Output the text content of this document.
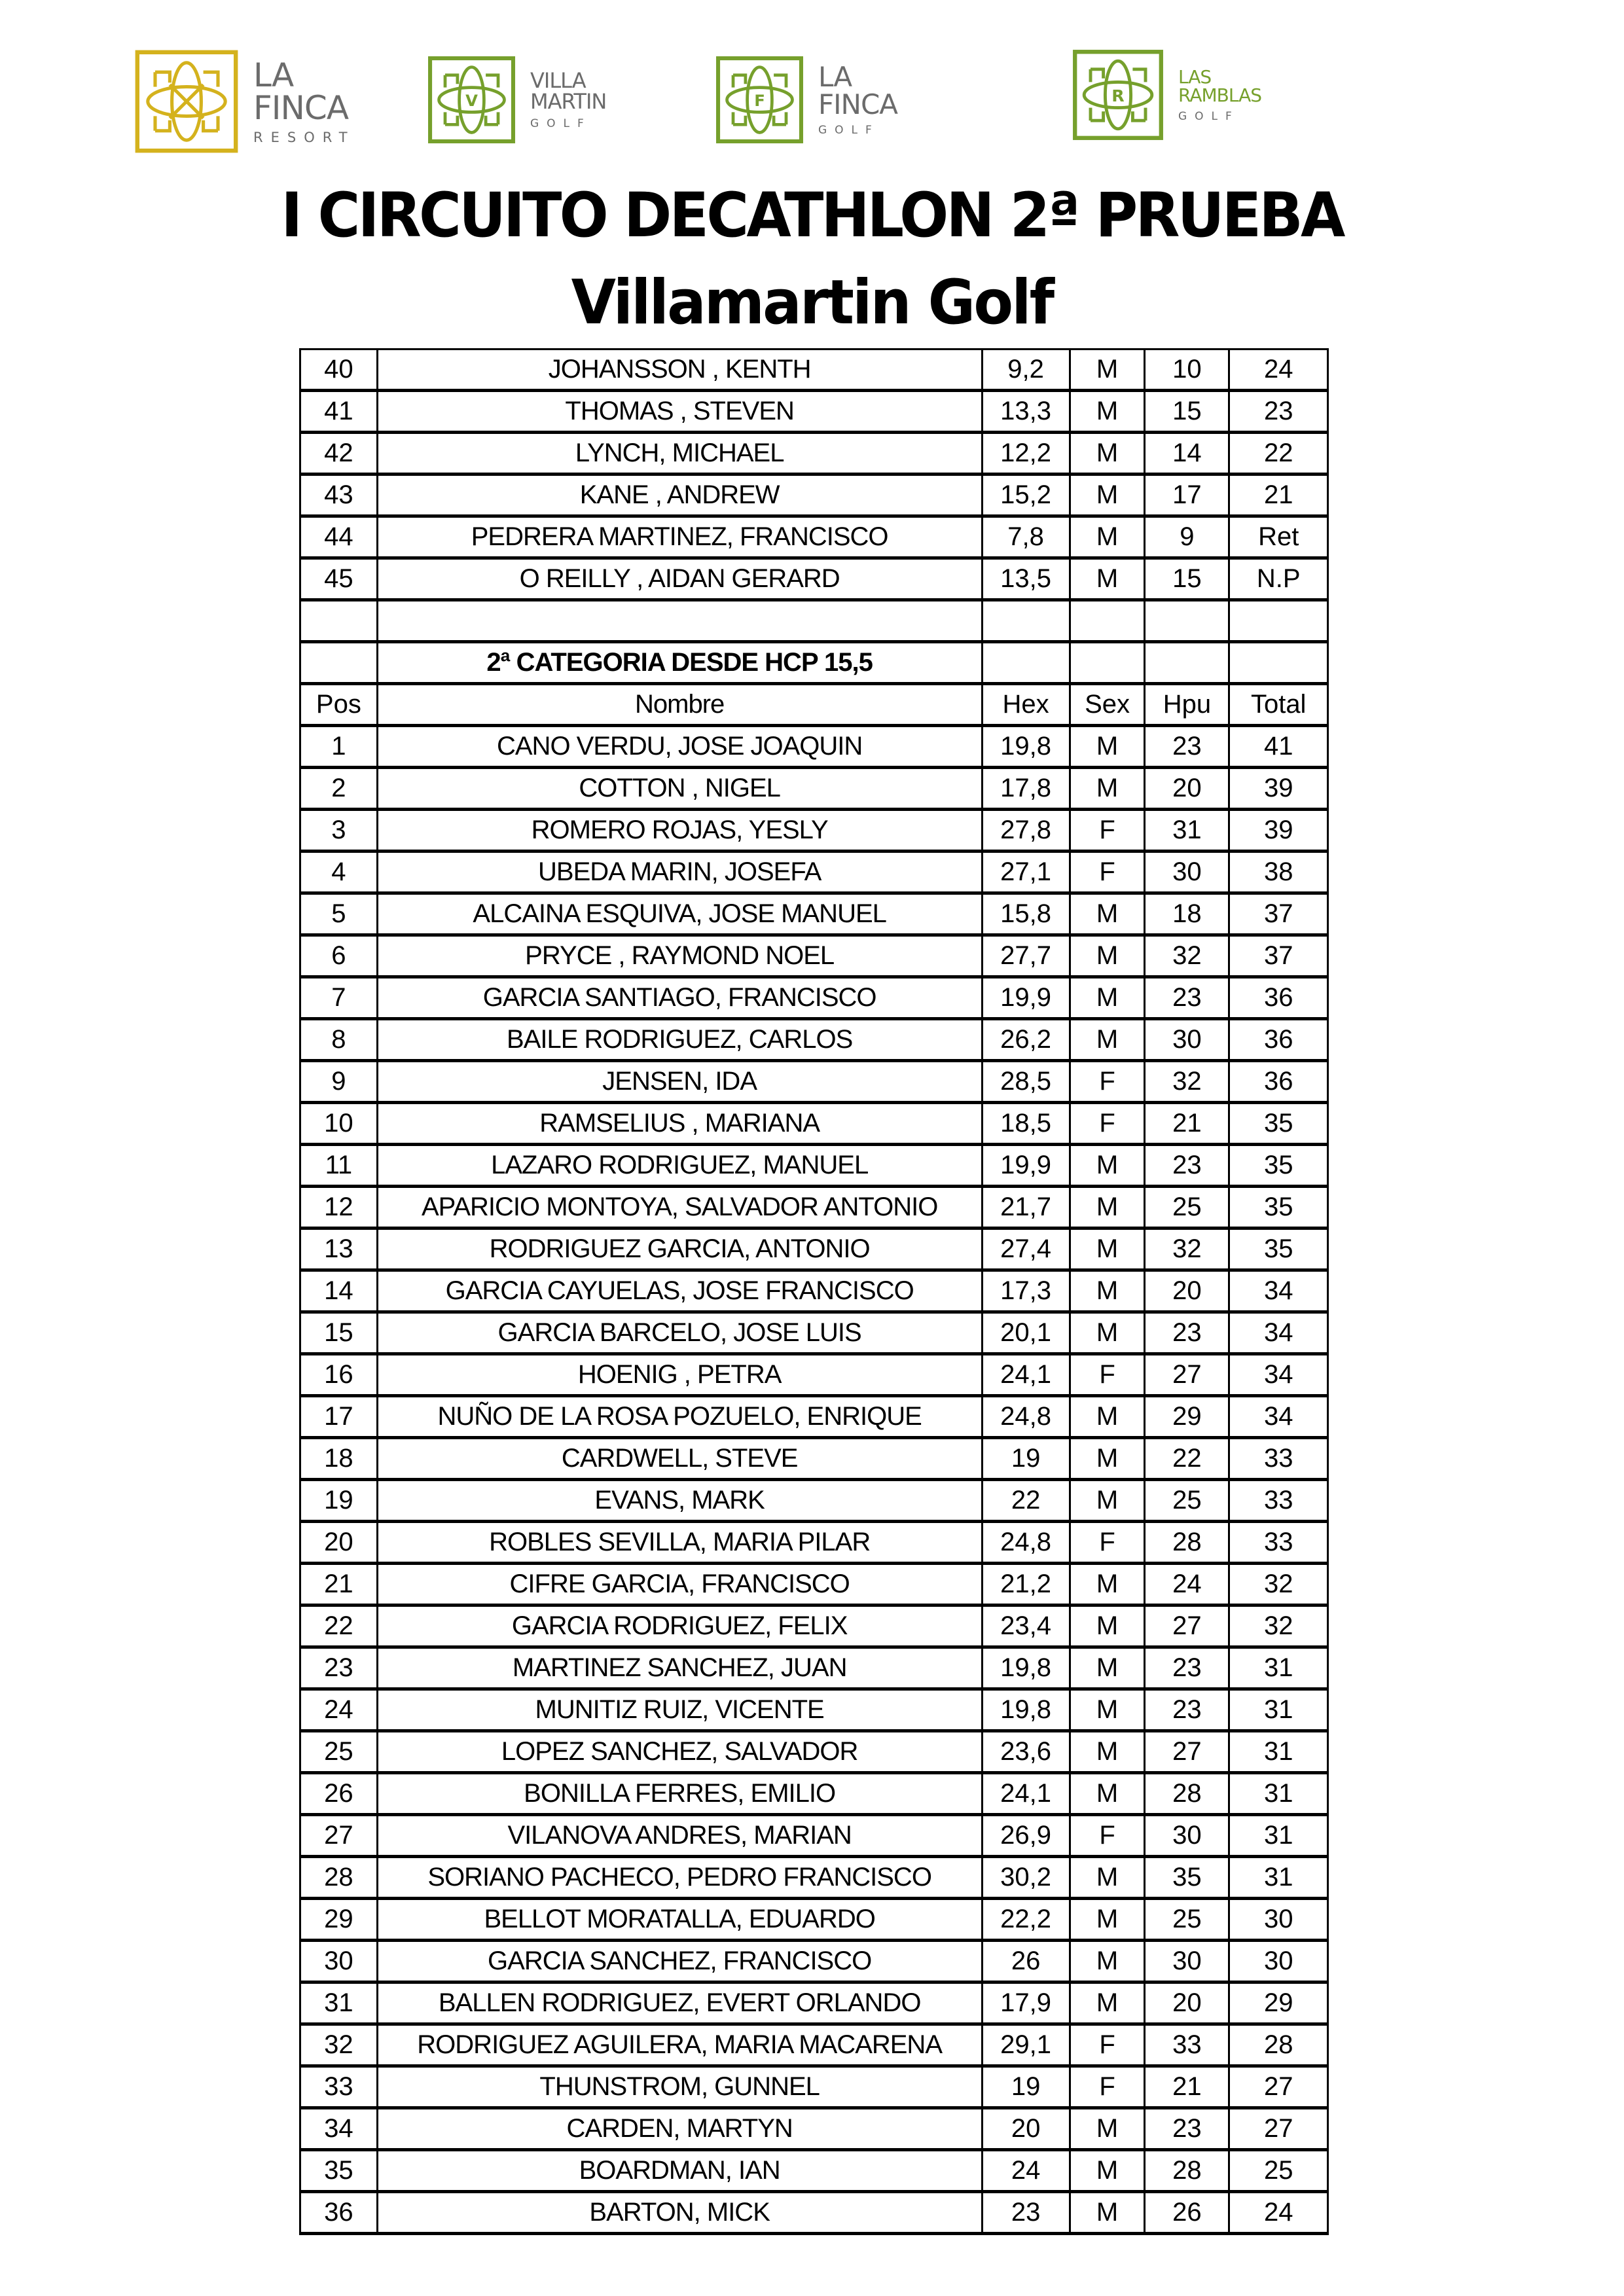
LA
FINCA
RESORT
V
VILLA
MARTIN
GOLF
F
LA
FINCA
GOLF
R
LAS
RAMBLAS
GOLF
I CIRCUITO DECATHLON 2ª PRUEBA
Villamartin Golf
40	JOHANSSON , KENTH	9,2	M	10	24
41	THOMAS , STEVEN	13,3	M	15	23
42	LYNCH, MICHAEL	12,2	M	14	22
43	KANE , ANDREW	15,2	M	17	21
44	PEDRERA MARTINEZ, FRANCISCO	7,8	M	9	Ret
45	O REILLY , AIDAN GERARD	13,5	M	15	N.P

	2ª CATEGORIA DESDE HCP 15,5				
Pos	Nombre	Hex	Sex	Hpu	Total
1	CANO VERDU, JOSE JOAQUIN	19,8	M	23	41
2	COTTON , NIGEL	17,8	M	20	39
3	ROMERO ROJAS, YESLY	27,8	F	31	39
4	UBEDA MARIN, JOSEFA	27,1	F	30	38
5	ALCAINA ESQUIVA, JOSE MANUEL	15,8	M	18	37
6	PRYCE , RAYMOND NOEL	27,7	M	32	37
7	GARCIA SANTIAGO, FRANCISCO	19,9	M	23	36
8	BAILE RODRIGUEZ, CARLOS	26,2	M	30	36
9	JENSEN, IDA	28,5	F	32	36
10	RAMSELIUS , MARIANA	18,5	F	21	35
11	LAZARO RODRIGUEZ, MANUEL	19,9	M	23	35
12	APARICIO MONTOYA, SALVADOR ANTONIO	21,7	M	25	35
13	RODRIGUEZ GARCIA, ANTONIO	27,4	M	32	35
14	GARCIA CAYUELAS, JOSE FRANCISCO	17,3	M	20	34
15	GARCIA BARCELO, JOSE LUIS	20,1	M	23	34
16	HOENIG , PETRA	24,1	F	27	34
17	NUÑO DE LA ROSA POZUELO, ENRIQUE	24,8	M	29	34
18	CARDWELL, STEVE	19	M	22	33
19	EVANS, MARK	22	M	25	33
20	ROBLES SEVILLA, MARIA PILAR	24,8	F	28	33
21	CIFRE GARCIA, FRANCISCO	21,2	M	24	32
22	GARCIA RODRIGUEZ, FELIX	23,4	M	27	32
23	MARTINEZ SANCHEZ, JUAN	19,8	M	23	31
24	MUNITIZ RUIZ, VICENTE	19,8	M	23	31
25	LOPEZ SANCHEZ, SALVADOR	23,6	M	27	31
26	BONILLA FERRES, EMILIO	24,1	M	28	31
27	VILANOVA ANDRES, MARIAN	26,9	F	30	31
28	SORIANO PACHECO, PEDRO FRANCISCO	30,2	M	35	31
29	BELLOT MORATALLA, EDUARDO	22,2	M	25	30
30	GARCIA SANCHEZ, FRANCISCO	26	M	30	30
31	BALLEN RODRIGUEZ, EVERT ORLANDO	17,9	M	20	29
32	RODRIGUEZ AGUILERA, MARIA MACARENA	29,1	F	33	28
33	THUNSTROM, GUNNEL	19	F	21	27
34	CARDEN, MARTYN	20	M	23	27
35	BOARDMAN, IAN	24	M	28	25
36	BARTON, MICK	23	M	26	24
